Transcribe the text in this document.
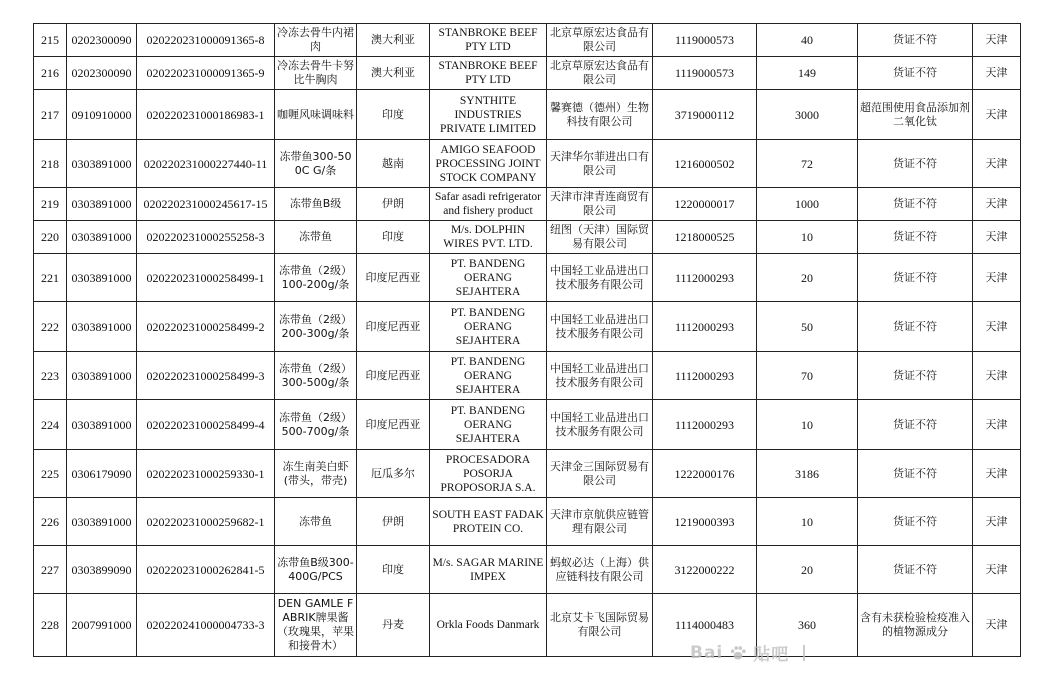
215	0202300090	020220231000091365-8	冷冻去骨牛内裙肉	澳大利亚	STANBROKE BEEF PTY LTD	北京草原宏达食品有限公司	1119000573	40	货证不符	天津
216	0202300090	020220231000091365-9	冷冻去骨牛卡努比牛胸肉	澳大利亚	STANBROKE BEEF PTY LTD	北京草原宏达食品有限公司	1119000573	149	货证不符	天津
217	0910910000	020220231000186983-1	咖喱风味调味料	印度	SYNTHITE INDUSTRIES PRIVATE LIMITED	馨赛德（德州）生物科技有限公司	3719000112	3000	超范围使用食品添加剂二氧化钛	天津
218	0303891000	020220231000227440-11	冻带鱼300-500C G/条	越南	AMIGO SEAFOOD PROCESSING JOINT STOCK COMPANY	天津华尔菲进出口有限公司	1216000502	72	货证不符	天津
219	0303891000	020220231000245617-15	冻带鱼B级	伊朗	Safar asadi refrigerator and fishery product	天津市津青连商贸有限公司	1220000017	1000	货证不符	天津
220	0303891000	020220231000255258-3	冻带鱼	印度	M/s. DOLPHIN WIRES PVT. LTD.	纽图（天津）国际贸易有限公司	1218000525	10	货证不符	天津
221	0303891000	020220231000258499-1	冻带鱼（2级）100-200g/条	印度尼西亚	PT. BANDENG OERANG SEJAHTERA	中国轻工业品进出口技术服务有限公司	1112000293	20	货证不符	天津
222	0303891000	020220231000258499-2	冻带鱼（2级）200-300g/条	印度尼西亚	PT. BANDENG OERANG SEJAHTERA	中国轻工业品进出口技术服务有限公司	1112000293	50	货证不符	天津
223	0303891000	020220231000258499-3	冻带鱼（2级）300-500g/条	印度尼西亚	PT. BANDENG OERANG SEJAHTERA	中国轻工业品进出口技术服务有限公司	1112000293	70	货证不符	天津
224	0303891000	020220231000258499-4	冻带鱼（2级）500-700g/条	印度尼西亚	PT. BANDENG OERANG SEJAHTERA	中国轻工业品进出口技术服务有限公司	1112000293	10	货证不符	天津
225	0306179090	020220231000259330-1	冻生南美白虾(带头，带壳)	厄瓜多尔	PROCESADORA POSORJA PROPOSORJA S.A.	天津金三国际贸易有限公司	1222000176	3186	货证不符	天津
226	0303891000	020220231000259682-1	冻带鱼	伊朗	SOUTH EAST FADAK PROTEIN CO.	天津市京航供应链管理有限公司	1219000393	10	货证不符	天津
227	0303899090	020220231000262841-5	冻带鱼B级300-400G/PCS	印度	M/s. SAGAR MARINE IMPEX	蚂蚁必达（上海）供应链科技有限公司	3122000222	20	货证不符	天津
228	2007991000	020220241000004733-3	DEN GAMLE FABRIK牌果酱（玫瑰果，苹果和接骨木）	丹麦	Orkla Foods Danmark	北京艾卡飞国际贸易有限公司	1114000483	360	含有未获检验检疫准入的植物源成分	天津
Bai 贴吧
